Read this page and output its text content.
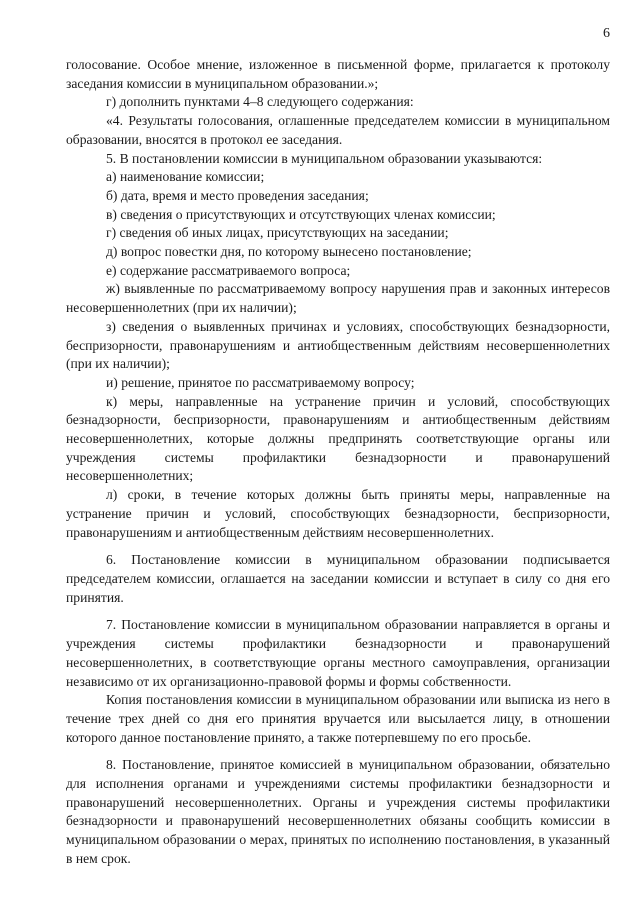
6

голосование. Особое мнение, изложенное в письменной форме, прилагается к протоколу заседания комиссии в муниципальном образовании.»;

г) дополнить пунктами 4–8 следующего содержания:

«4. Результаты голосования, оглашенные председателем комиссии в муниципальном образовании, вносятся в протокол ее заседания.

5. В постановлении комиссии в муниципальном образовании указываются:

а) наименование комиссии;

б) дата, время и место проведения заседания;

в) сведения о присутствующих и отсутствующих членах комиссии;

г) сведения об иных лицах, присутствующих на заседании;

д) вопрос повестки дня, по которому вынесено постановление;

е) содержание рассматриваемого вопроса;

ж) выявленные по рассматриваемому вопросу нарушения прав и законных интересов несовершеннолетних (при их наличии);

з) сведения о выявленных причинах и условиях, способствующих безнадзорности, беспризорности, правонарушениям и антиобщественным действиям несовершеннолетних (при их наличии);

и) решение, принятое по рассматриваемому вопросу;

к) меры, направленные на устранение причин и условий, способствующих безнадзорности, беспризорности, правонарушениям и антиобщественным действиям несовершеннолетних, которые должны предпринять соответствующие органы или учреждения системы профилактики безнадзорности и правонарушений несовершеннолетних;

л) сроки, в течение которых должны быть приняты меры, направленные на устранение причин и условий, способствующих безнадзорности, беспризорности, правонарушениям и антиобщественным действиям несовершеннолетних.

6. Постановление комиссии в муниципальном образовании подписывается председателем комиссии, оглашается на заседании комиссии и вступает в силу со дня его принятия.

7. Постановление комиссии в муниципальном образовании направляется в органы и учреждения системы профилактики безнадзорности и правонарушений несовершеннолетних, в соответствующие органы местного самоуправления, организации независимо от их организационно-правовой формы и формы собственности.

Копия постановления комиссии в муниципальном образовании или выписка из него в течение трех дней со дня его принятия вручается или высылается лицу, в отношении которого данное постановление принято, а также потерпевшему по его просьбе.

8. Постановление, принятое комиссией в муниципальном образовании, обязательно для исполнения органами и учреждениями системы профилактики безнадзорности и правонарушений несовершеннолетних. Органы и учреждения системы профилактики безнадзорности и правонарушений несовершеннолетних обязаны сообщить комиссии в муниципальном образовании о мерах, принятых по исполнению постановления, в указанный в нем срок.
